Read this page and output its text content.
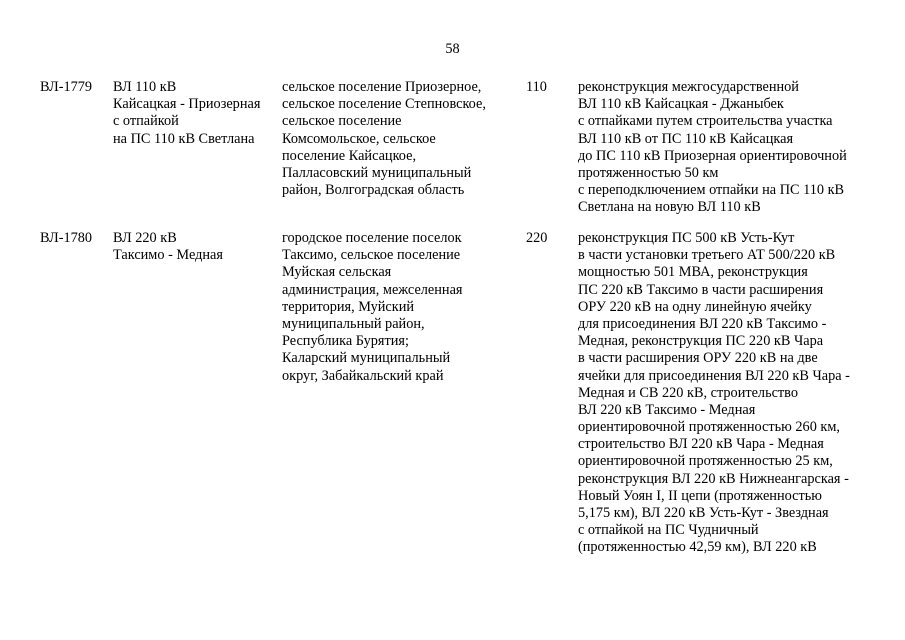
58
ВЛ-1779 ВЛ 110 кВ
Кайсацкая - Приозерная
с отпайкой
на ПС 110 кВ Светлана
сельское поселение Приозерное,
сельское поселение Степновское,
сельское поселение
Комсомольское, сельское
поселение Кайсацкое,
Палласовский муниципальный
район, Волгоградская область
110 реконструкция межгосударственной
ВЛ 110 кВ Кайсацкая - Джаныбек
с отпайками путем строительства участка
ВЛ 110 кВ от ПС 110 кВ Кайсацкая
до ПС 110 кВ Приозерная ориентировочной
протяженностью 50 км
с переподключением отпайки на ПС 110 кВ
Светлана на новую ВЛ 110 кВ
ВЛ-1780 ВЛ 220 кВ
Таксимо - Медная
городское поселение поселок
Таксимо, сельское поселение
Муйская сельская
администрация, межселенная
территория, Муйский
муниципальный район,
Республика Бурятия;
Каларский муниципальный
округ, Забайкальский край
220 реконструкция ПС 500 кВ Усть-Кут
в части установки третьего АТ 500/220 кВ
мощностью 501 МВА, реконструкция
ПС 220 кВ Таксимо в части расширения
ОРУ 220 кВ на одну линейную ячейку
для присоединения ВЛ 220 кВ Таксимо -
Медная, реконструкция ПС 220 кВ Чара
в части расширения ОРУ 220 кВ на две
ячейки для присоединения ВЛ 220 кВ Чара -
Медная и СВ 220 кВ, строительство
ВЛ 220 кВ Таксимо - Медная
ориентировочной протяженностью 260 км,
строительство ВЛ 220 кВ Чара - Медная
ориентировочной протяженностью 25 км,
реконструкция ВЛ 220 кВ Нижнеангарская -
Новый Уоян I, II цепи (протяженностью
5,175 км), ВЛ 220 кВ Усть-Кут - Звездная
с отпайкой на ПС Чудничный
(протяженностью 42,59 км), ВЛ 220 кВ
